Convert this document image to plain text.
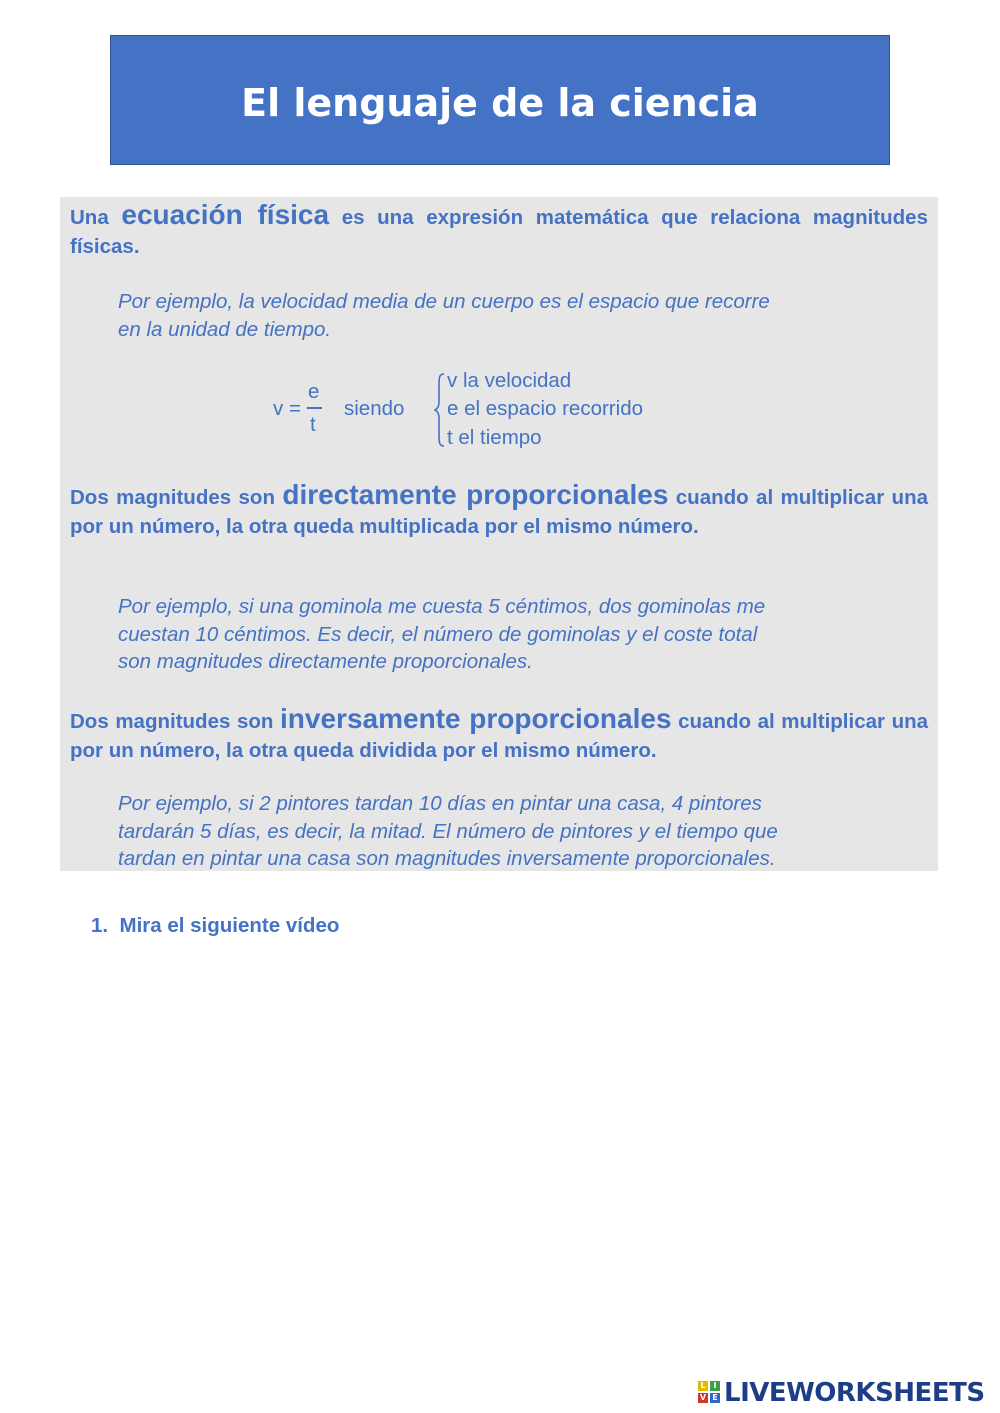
El lenguaje de la ciencia

Una ecuación física es una expresión matemática que relaciona magnitudes físicas.

Por ejemplo, la velocidad media de un cuerpo es el espacio que recorre
en la unidad de tiempo.

v =
e
t
siendo
v la velocidad
e el espacio recorrido
t el tiempo

Dos magnitudes son directamente proporcionales cuando al multiplicar una por un número, la otra queda multiplicada por el mismo número.

Por ejemplo, si una gominola me cuesta 5 céntimos, dos gominolas me
cuestan 10 céntimos. Es decir, el número de gominolas y el coste total
son magnitudes directamente proporcionales.

Dos magnitudes son inversamente proporcionales cuando al multiplicar una por un número, la otra queda dividida por el mismo número.

Por ejemplo, si 2 pintores tardan 10 días en pintar una casa, 4 pintores
tardarán 5 días, es decir, la mitad. El número de pintores y el tiempo que
tardan en pintar una casa son magnitudes inversamente proporcionales.

1. Mira el siguiente vídeo

L I
V E LIVEWORKSHEETS
